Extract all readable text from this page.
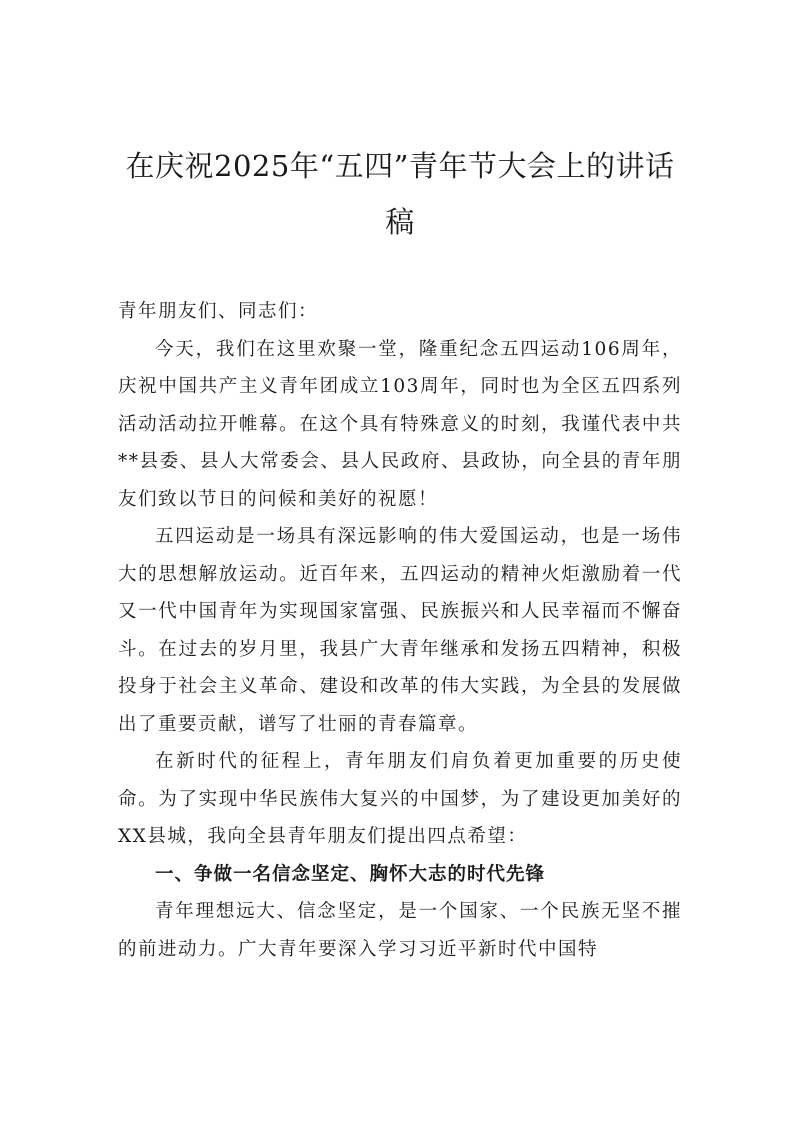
在庆祝2025年“五四”青年节大会上的讲话
稿

青年朋友们、同志们：

今天，我们在这里欢聚一堂，隆重纪念五四运动106周年，庆祝中国共产主义青年团成立103周年，同时也为全区五四系列活动活动拉开帷幕。在这个具有特殊意义的时刻，我谨代表中共**县委、县人大常委会、县人民政府、县政协，向全县的青年朋友们致以节日的问候和美好的祝愿！

五四运动是一场具有深远影响的伟大爱国运动，也是一场伟大的思想解放运动。近百年来，五四运动的精神火炬激励着一代又一代中国青年为实现国家富强、民族振兴和人民幸福而不懈奋斗。在过去的岁月里，我县广大青年继承和发扬五四精神，积极投身于社会主义革命、建设和改革的伟大实践，为全县的发展做出了重要贡献，谱写了壮丽的青春篇章。

在新时代的征程上，青年朋友们肩负着更加重要的历史使命。为了实现中华民族伟大复兴的中国梦，为了建设更加美好的XX县城，我向全县青年朋友们提出四点希望：

一、争做一名信念坚定、胸怀大志的时代先锋

青年理想远大、信念坚定，是一个国家、一个民族无坚不摧的前进动力。广大青年要深入学习习近平新时代中国特
